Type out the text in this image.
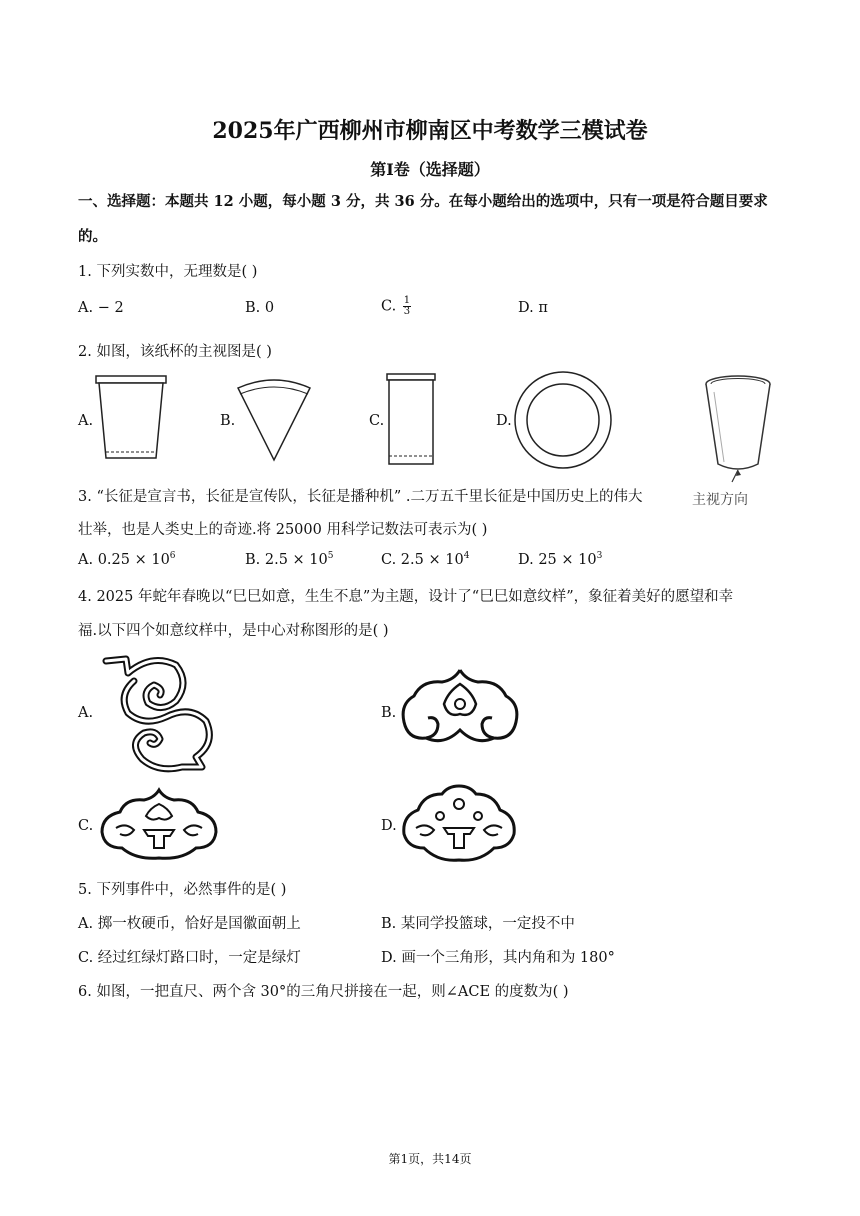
2025年广西柳州市柳南区中考数学三模试卷
第I卷（选择题）
一、选择题：本题共 12 小题，每小题 3 分，共 36 分。在每小题给出的选项中，只有一项是符合题目要求
的。
1. 下列实数中，无理数是( )
A. − 2	B. 0	C. $\frac{1}{3}$	D. π
2. 如图，该纸杯的主视图是( )
A.	B.	C.	D.
主视方向
3. “长征是宣言书，长征是宣传队，长征是播种机” .二万五千里长征是中国历史上的伟大
壮举，也是人类史上的奇迹.将 25000 用科学记数法可表示为( )
A. $0.25 \times 10^6$	B. $2.5 \times 10^5$	C. $2.5 \times 10^4$	D. $25 \times 10^3$
4. 2025 年蛇年春晚以“巳巳如意，生生不息”为主题，设计了“巳巳如意纹样”，象征着美好的愿望和幸
福.以下四个如意纹样中，是中心对称图形的是( )
A.	B.
C.	D.
5. 下列事件中，必然事件的是( )
A. 掷一枚硬币，恰好是国徽面朝上	B. 某同学投篮球，一定投不中
C. 经过红绿灯路口时，一定是绿灯	D. 画一个三角形，其内角和为 180°
6. 如图，一把直尺、两个含 30°的三角尺拼接在一起，则∠ACE 的度数为( )
第1页，共14页
